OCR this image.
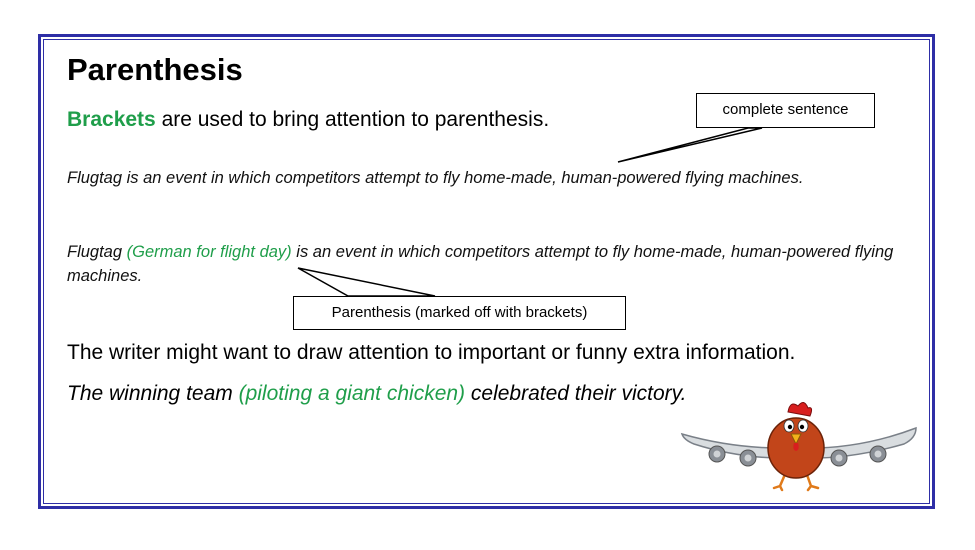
Parenthesis
Brackets are used to bring attention to parenthesis.
Flugtag is an event in which competitors attempt to fly home-made, human-powered flying machines.
Flugtag (German for flight day) is an event in which competitors attempt to fly home-made, human-powered flying machines.
complete sentence
Parenthesis (marked off with brackets)
The writer might want to draw attention to important or funny extra information.
The winning team (piloting a giant chicken) celebrated their victory.
